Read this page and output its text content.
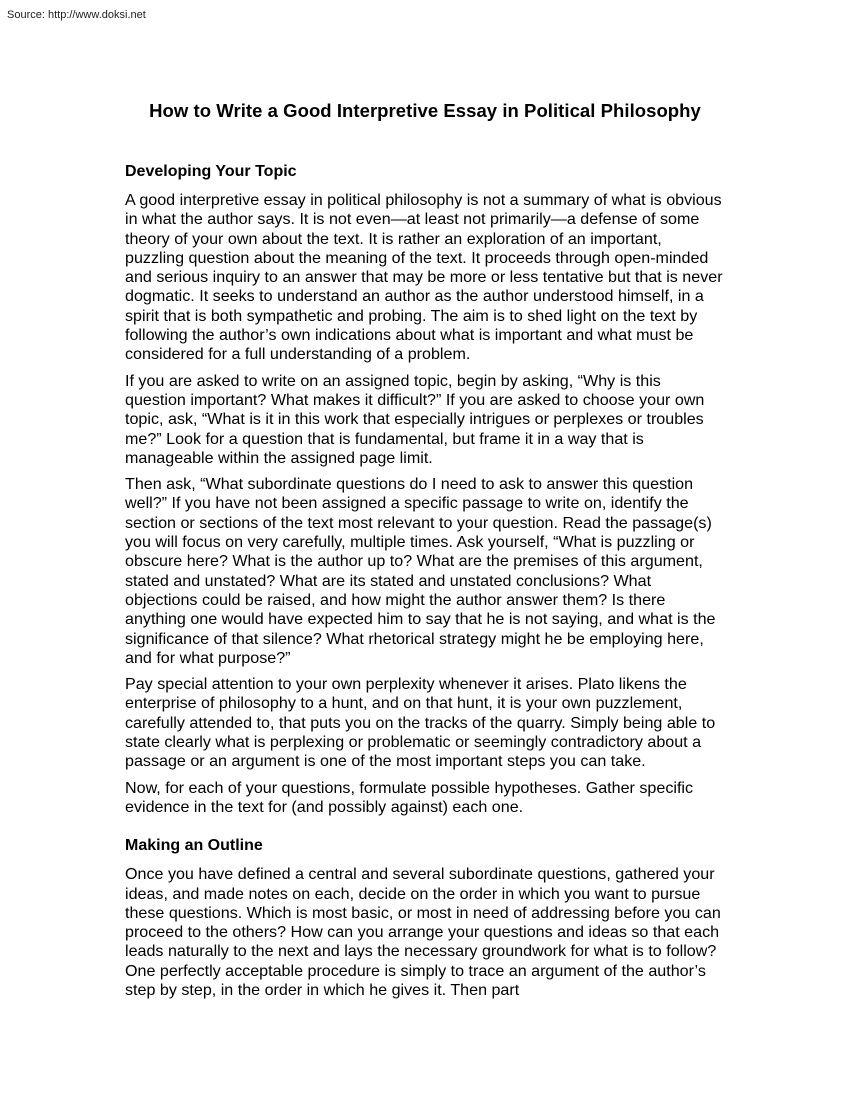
Source: http://www.doksi.net
How to Write a Good Interpretive Essay in Political Philosophy
Developing Your Topic

A good interpretive essay in political philosophy is not a summary of what is obvious in what the author says. It is not even—at least not primarily—a defense of some theory of your own about the text. It is rather an exploration of an important, puzzling question about the meaning of the text. It proceeds through open-minded and serious inquiry to an answer that may be more or less tentative but that is never dogmatic. It seeks to understand an author as the author understood himself, in a spirit that is both sympathetic and probing. The aim is to shed light on the text by following the author’s own indications about what is important and what must be considered for a full understanding of a problem.

If you are asked to write on an assigned topic, begin by asking, “Why is this question important? What makes it difficult?” If you are asked to choose your own topic, ask, “What is it in this work that especially intrigues or perplexes or troubles me?” Look for a question that is fundamental, but frame it in a way that is manageable within the assigned page limit.

Then ask, “What subordinate questions do I need to ask to answer this question well?” If you have not been assigned a specific passage to write on, identify the section or sections of the text most relevant to your question. Read the passage(s) you will focus on very carefully, multiple times. Ask yourself, “What is puzzling or obscure here? What is the author up to? What are the premises of this argument, stated and unstated? What are its stated and unstated conclusions? What objections could be raised, and how might the author answer them? Is there anything one would have expected him to say that he is not saying, and what is the significance of that silence? What rhetorical strategy might he be employing here, and for what purpose?”

Pay special attention to your own perplexity whenever it arises. Plato likens the enterprise of philosophy to a hunt, and on that hunt, it is your own puzzlement, carefully attended to, that puts you on the tracks of the quarry. Simply being able to state clearly what is perplexing or problematic or seemingly contradictory about a passage or an argument is one of the most important steps you can take.

Now, for each of your questions, formulate possible hypotheses. Gather specific evidence in the text for (and possibly against) each one.

Making an Outline

Once you have defined a central and several subordinate questions, gathered your ideas, and made notes on each, decide on the order in which you want to pursue these questions. Which is most basic, or most in need of addressing before you can proceed to the others? How can you arrange your questions and ideas so that each leads naturally to the next and lays the necessary groundwork for what is to follow? One perfectly acceptable procedure is simply to trace an argument of the author’s step by step, in the order in which he gives it. Then part
